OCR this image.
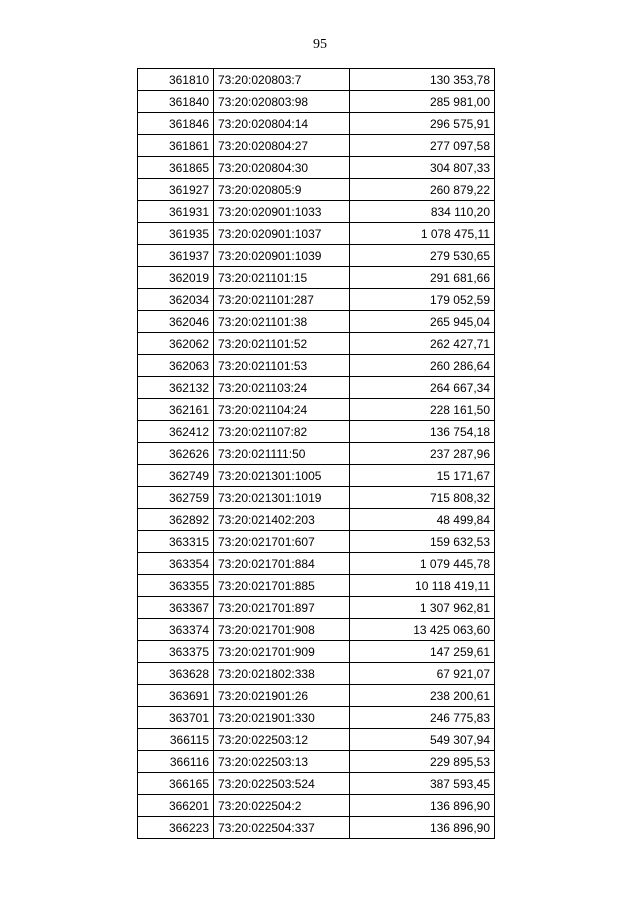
95
361810	73:20:020803:7	130 353,78
361840	73:20:020803:98	285 981,00
361846	73:20:020804:14	296 575,91
361861	73:20:020804:27	277 097,58
361865	73:20:020804:30	304 807,33
361927	73:20:020805:9	260 879,22
361931	73:20:020901:1033	834 110,20
361935	73:20:020901:1037	1 078 475,11
361937	73:20:020901:1039	279 530,65
362019	73:20:021101:15	291 681,66
362034	73:20:021101:287	179 052,59
362046	73:20:021101:38	265 945,04
362062	73:20:021101:52	262 427,71
362063	73:20:021101:53	260 286,64
362132	73:20:021103:24	264 667,34
362161	73:20:021104:24	228 161,50
362412	73:20:021107:82	136 754,18
362626	73:20:021111:50	237 287,96
362749	73:20:021301:1005	15 171,67
362759	73:20:021301:1019	715 808,32
362892	73:20:021402:203	48 499,84
363315	73:20:021701:607	159 632,53
363354	73:20:021701:884	1 079 445,78
363355	73:20:021701:885	10 118 419,11
363367	73:20:021701:897	1 307 962,81
363374	73:20:021701:908	13 425 063,60
363375	73:20:021701:909	147 259,61
363628	73:20:021802:338	67 921,07
363691	73:20:021901:26	238 200,61
363701	73:20:021901:330	246 775,83
366115	73:20:022503:12	549 307,94
366116	73:20:022503:13	229 895,53
366165	73:20:022503:524	387 593,45
366201	73:20:022504:2	136 896,90
366223	73:20:022504:337	136 896,90
